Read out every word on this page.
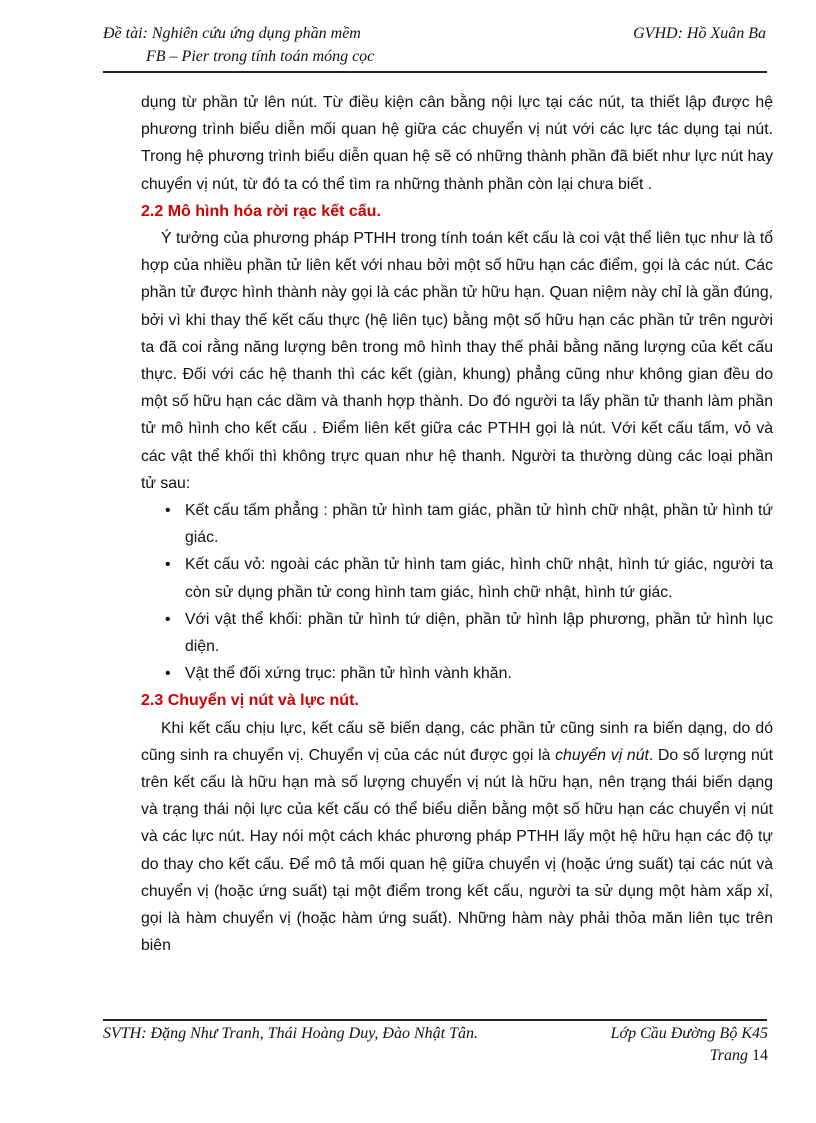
Đề tài: Nghiên cứu ứng dụng phần mềm
FB – Pier trong tính toán móng cọc
GVHD: Hồ Xuân Ba

dụng từ phần tử lên nút. Từ điều kiện cân bằng nội lực tại các nút, ta thiết lập được hệ phương trình biểu diễn mối quan hệ giữa các chuyển vị nút với các lực tác dụng tại nút. Trong hệ phương trình biểu diễn quan hệ sẽ có những thành phần đã biết như lực nút hay chuyển vị nút, từ đó ta có thể tìm ra những thành phần còn lại chưa biết .

2.2 Mô hình hóa rời rạc kết cấu.

Ý tưởng của phương pháp PTHH trong tính toán kết cấu là coi vật thể liên tục như là tổ hợp của nhiều phần tử liên kết với nhau bởi một số hữu hạn các điểm, gọi là các nút. Các phần tử được hình thành này gọi là các phần tử hữu hạn. Quan niệm này chỉ là gần đúng, bởi vì khi thay thế kết cấu thực (hệ liên tục) bằng một số hữu hạn các phần tử trên người ta đã coi rằng năng lượng bên trong mô hình thay thế phải bằng năng lượng của kết cấu thực. Đối với các hệ thanh thì các kết (giàn, khung) phẳng cũng như không gian đều do một số hữu hạn các dầm và thanh hợp thành. Do đó người ta lấy phần tử thanh làm phần tử mô hình cho kết cấu . Điểm liên kết giữa các PTHH gọi là nút. Với kết cấu tấm, vỏ và các vật thể khối thì không trực quan như hệ thanh. Người ta thường dùng các loại phần tử sau:

• Kết cấu tấm phẳng : phần tử hình tam giác, phần tử hình chữ nhật, phần tử hình tứ giác.
• Kết cấu vỏ: ngoài các phần tử hình tam giác, hình chữ nhật, hình tứ giác, người ta còn sử dụng phần tử cong hình tam giác, hình chữ nhật, hình tứ giác.
• Với vật thể khối: phần tử hình tứ diện, phần tử hình lập phương, phần tử hình lục diện.
• Vật thể đối xứng trục: phần tử hình vành khăn.
2.3 Chuyển vị nút và lực nút.

Khi kết cấu chịu lực, kết cấu sẽ biến dạng, các phần tử cũng sinh ra biến dạng, do dó cũng sinh ra chuyển vị. Chuyển vị của các nút được gọi là chuyển vị nút. Do số lượng nút trên kết cấu là hữu hạn mà số lượng chuyển vị nút là hữu hạn, nên trạng thái biến dạng và trạng thái nội lực của kết cấu có thể biểu diễn bằng một số hữu hạn các chuyển vị nút và các lực nút. Hay nói một cách khác phương pháp PTHH lấy một hệ hữu hạn các độ tự do thay cho kết cấu. Để mô tả mối quan hệ giữa chuyển vị (hoặc ứng suất) tại các nút và chuyển vị (hoặc ứng suất) tại một điểm trong kết cấu, người ta sử dụng một hàm xấp xỉ, gọi là hàm chuyển vị (hoặc hàm ứng suất). Những hàm này phải thỏa măn liên tục trên biên

SVTH: Đặng Như Tranh, Thái Hoàng Duy, Đào Nhật Tân.	Lớp Cầu Đường Bộ K45
Trang 14
